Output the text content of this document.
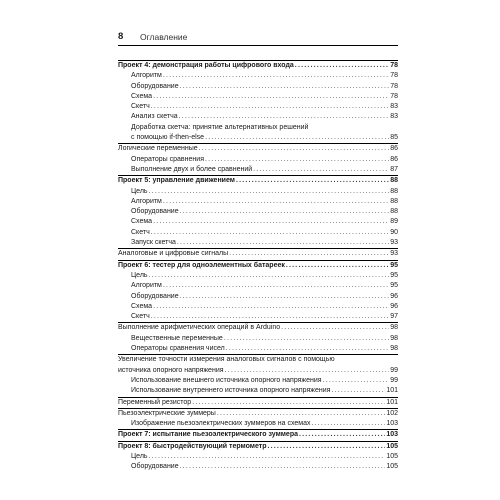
8 Оглавление
Проект 4: демонстрация работы цифрового входа .....	78
Алгоритм .....	78
Оборудование .....	78
Схема .....	78
Скетч .....	83
Анализ скетча .....	83
Доработка скетча: принятие альтернативных решений
с помощью if-then-else .....	85
Логические переменные .....	86
Операторы сравнения .....	86
Выполнение двух и более сравнений .....	87
Проект 5: управление движением .....	88
Цель .....	88
Алгоритм .....	88
Оборудование .....	88
Схема .....	89
Скетч .....	90
Запуск скетча .....	93
Аналоговые и цифровые сигналы .....	93
Проект 6: тестер для одноэлементных батареек .....	95
Цель .....	95
Алгоритм .....	95
Оборудование .....	96
Схема .....	96
Скетч .....	97
Выполнение арифметических операций в Arduino .....	98
Вещественные переменные .....	98
Операторы сравнения чисел .....	98
Увеличение точности измерения аналоговых сигналов с помощью
источника опорного напряжения .....	99
Использование внешнего источника опорного напряжения .....	99
Использование внутреннего источника опорного напряжения .....	101
Переменный резистор .....	101
Пьезоэлектрические зуммеры .....	102
Изображение пьезоэлектрических зуммеров на схемах .....	103
Проект 7: испытание пьезоэлектрического зуммера .....	103
Проект 8: быстродействующий термометр .....	105
Цель .....	105
Оборудование .....	105
